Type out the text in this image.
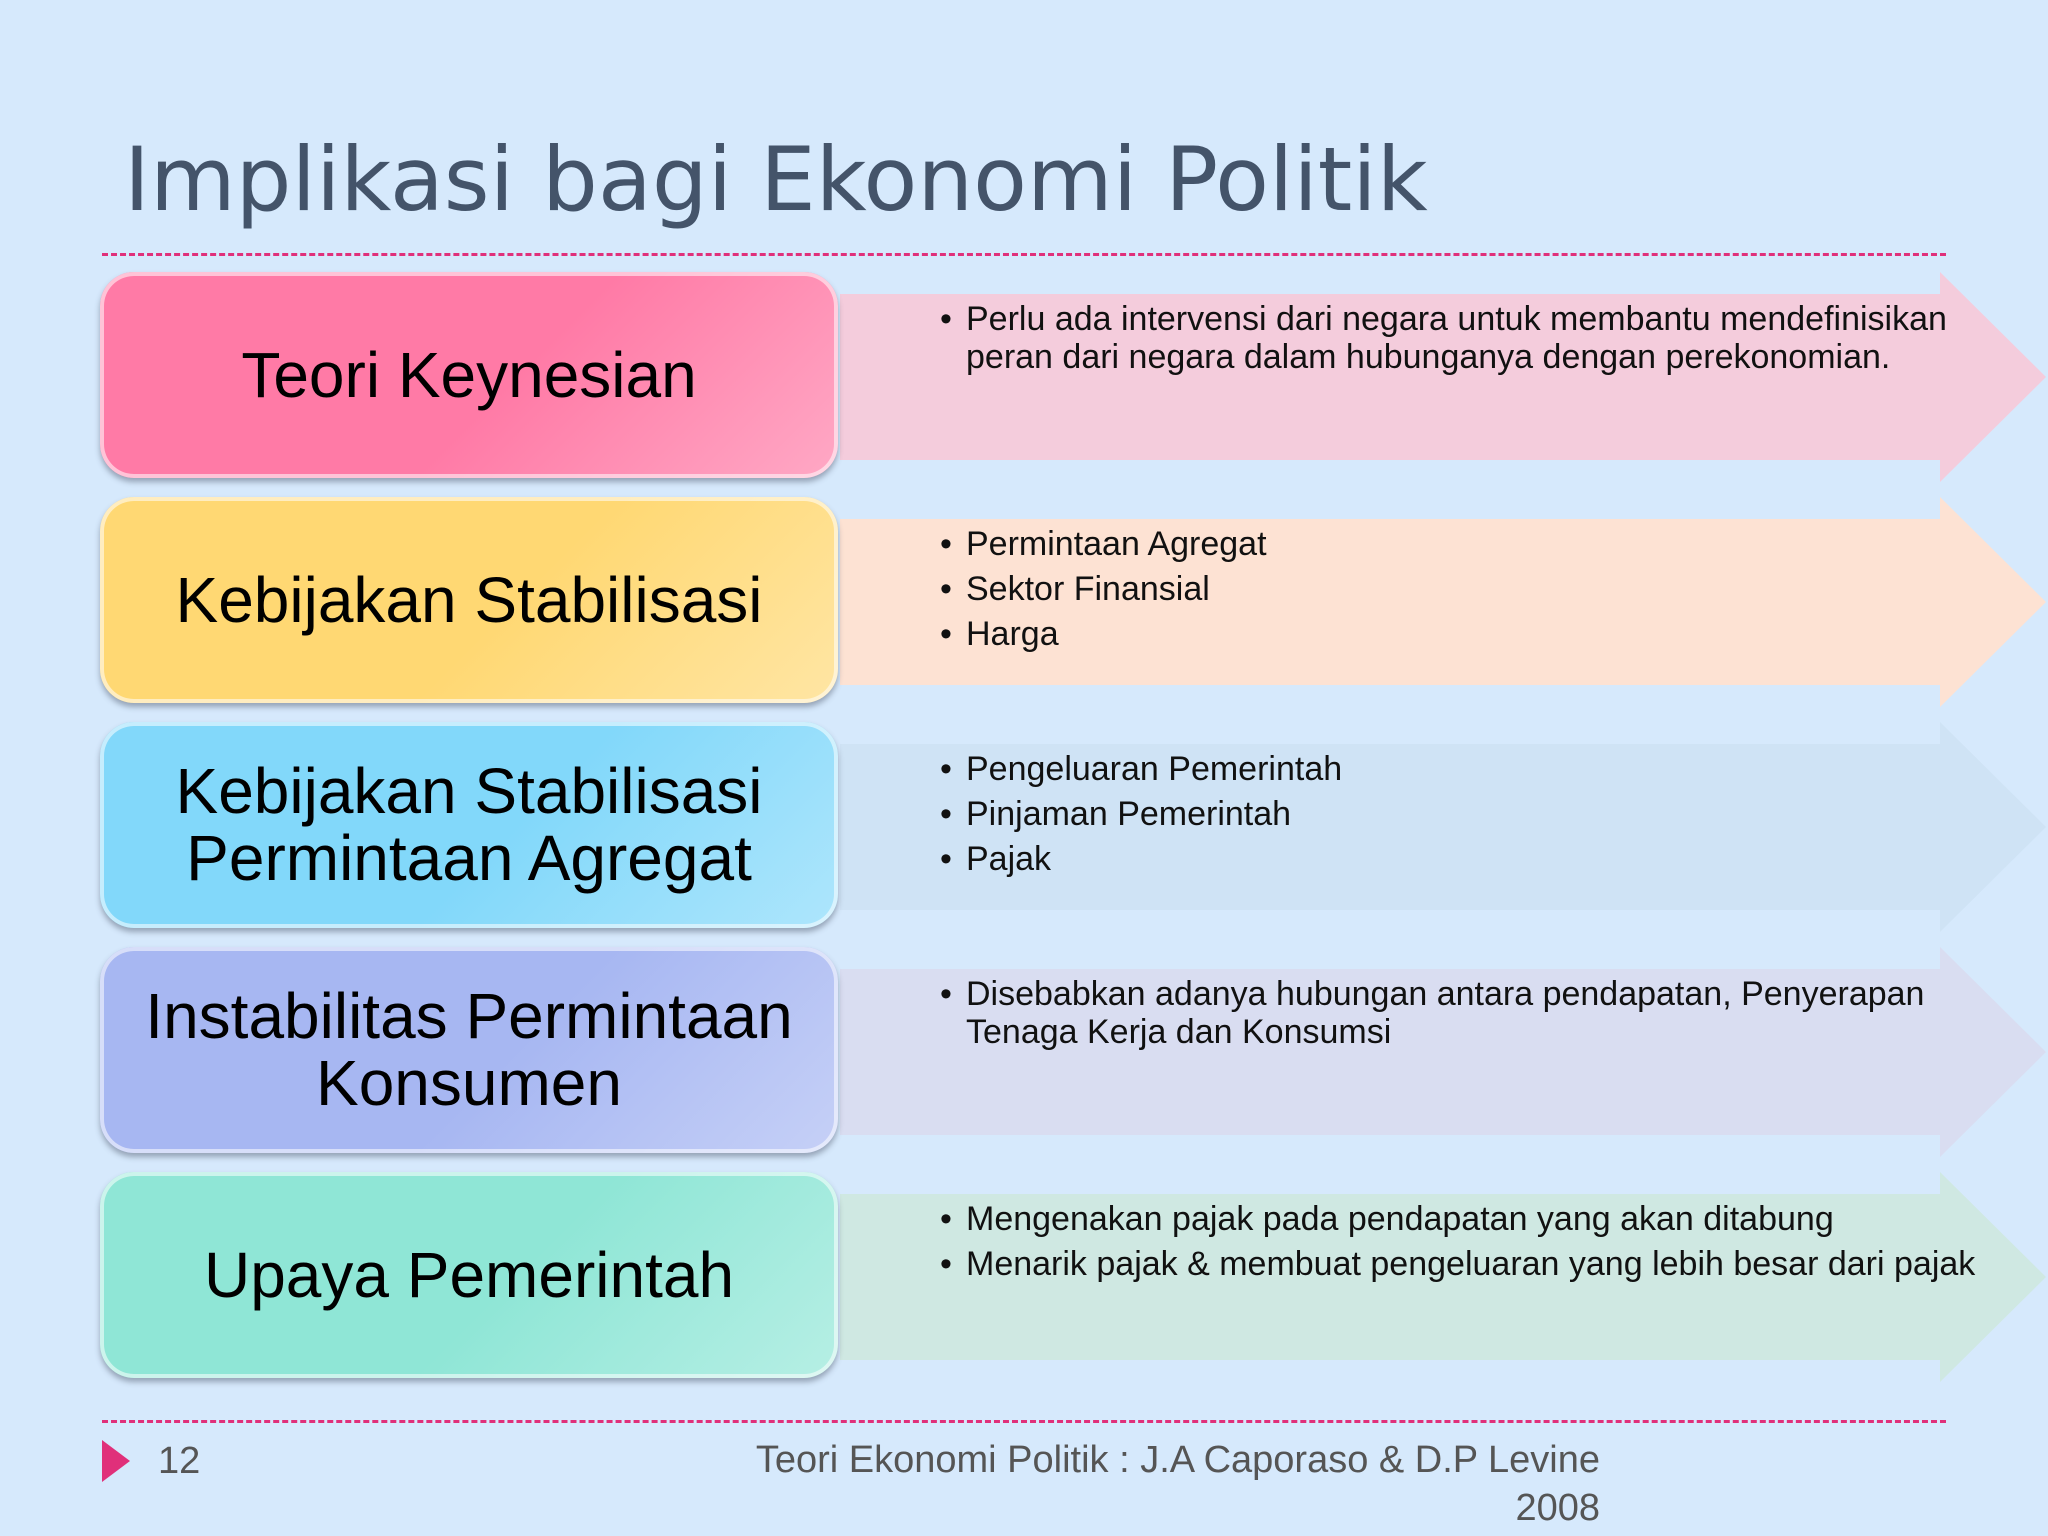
Implikasi bagi Ekonomi Politik
Teori Keynesian
• Perlu ada intervensi dari negara untuk membantu mendefinisikan peran dari negara dalam hubunganya dengan perekonomian.
Kebijakan Stabilisasi
• Permintaan Agregat
• Sektor Finansial
• Harga
Kebijakan Stabilisasi
Permintaan Agregat
• Pengeluaran Pemerintah
• Pinjaman Pemerintah
• Pajak
Instabilitas Permintaan
Konsumen
• Disebabkan adanya hubungan antara pendapatan, Penyerapan Tenaga Kerja dan Konsumsi
Upaya Pemerintah
• Mengenakan pajak pada pendapatan yang akan ditabung
• Menarik pajak & membuat pengeluaran yang lebih besar dari pajak
12	Teori Ekonomi Politik : J.A Caporaso & D.P Levine
2008
